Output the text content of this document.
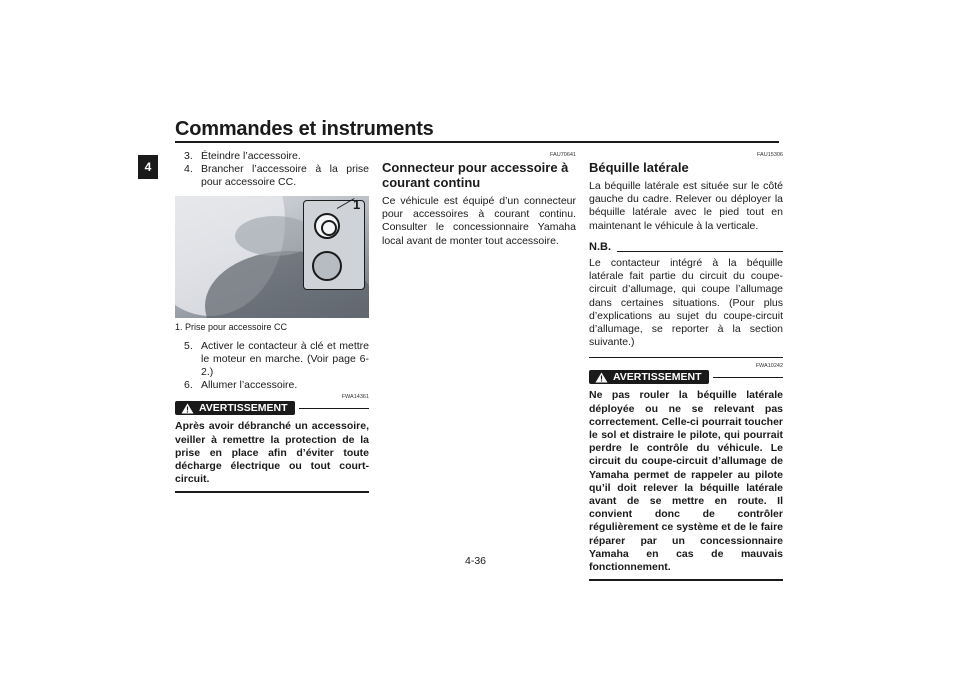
Commandes et instruments
4
3. Éteindre l’accessoire.
4. Brancher l’accessoire à la prise pour accessoire CC.
1
1. Prise pour accessoire CC
5. Activer le contacteur à clé et mettre le moteur en marche. (Voir page 6-2.)
6. Allumer l’accessoire.
FWA14361
AVERTISSEMENT
Après avoir débranché un accessoire, veiller à remettre la protection de la prise en place afin d’éviter toute décharge électrique ou tout court-circuit.
FAU70641
Connecteur pour accessoire à courant continu
Ce véhicule est équipé d’un connecteur pour accessoires à courant continu. Consulter le concessionnaire Yamaha local avant de monter tout accessoire.
FAU15306
Béquille latérale
La béquille latérale est située sur le côté gauche du cadre. Relever ou déployer la béquille latérale avec le pied tout en maintenant le véhicule à la verticale.
N.B.
Le contacteur intégré à la béquille latérale fait partie du circuit du coupe-circuit d’allumage, qui coupe l’allumage dans certaines situations. (Pour plus d’explications au sujet du coupe-circuit d’allumage, se reporter à la section suivante.)
FWA10242
AVERTISSEMENT
Ne pas rouler la béquille latérale déployée ou ne se relevant pas correctement. Celle-ci pourrait toucher le sol et distraire le pilote, qui pourrait perdre le contrôle du véhicule. Le circuit du coupe-circuit d’allumage de Yamaha permet de rappeler au pilote qu’il doit relever la béquille latérale avant de se mettre en route. Il convient donc de contrôler régulièrement ce système et de le faire réparer par un concessionnaire Yamaha en cas de mauvais fonctionnement.
4-36
